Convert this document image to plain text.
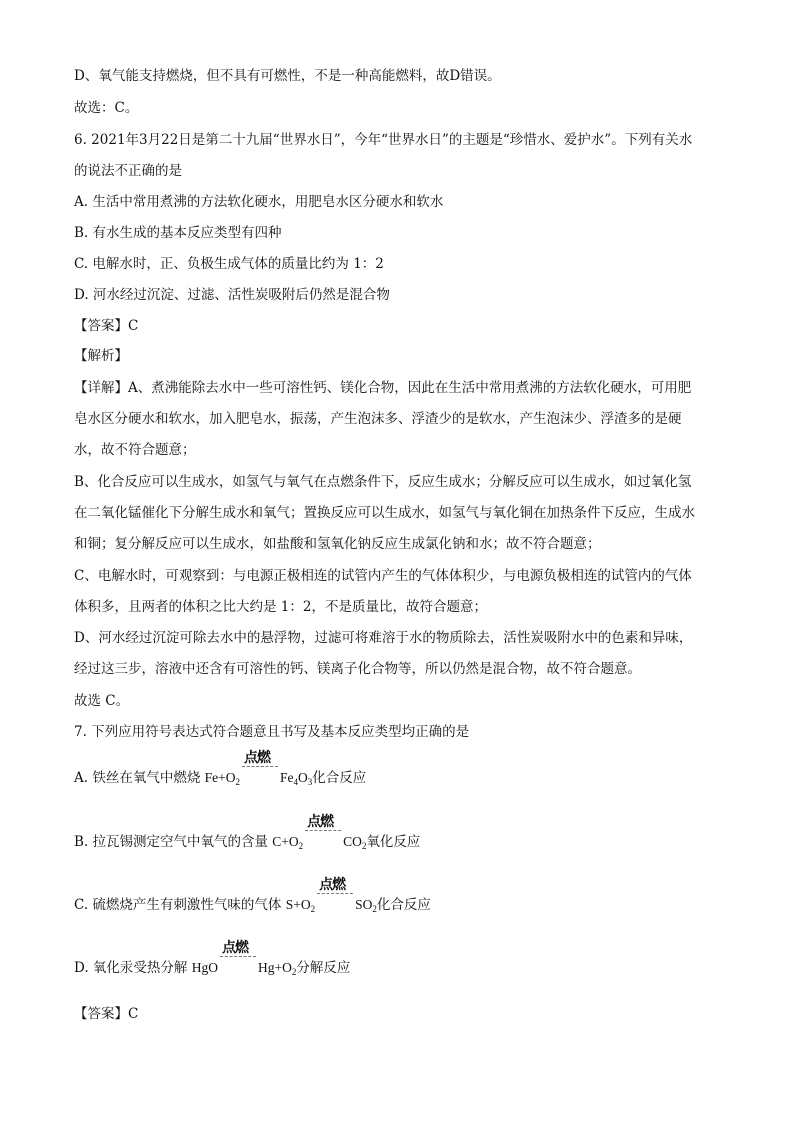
D、氧气能支持燃烧，但不具有可燃性，不是一种高能燃料，故D错误。
故选：C。
6. 2021年3月22日是第二十九届“世界水日”，今年“世界水日”的主题是“珍惜水、爱护水”。下列有关水
的说法不正确的是
A. 生活中常用煮沸的方法软化硬水，用肥皂水区分硬水和软水
B. 有水生成的基本反应类型有四种
C. 电解水时，正、负极生成气体的质量比约为 1：2
D. 河水经过沉淀、过滤、活性炭吸附后仍然是混合物
【答案】C
【解析】
【详解】A、煮沸能除去水中一些可溶性钙、镁化合物，因此在生活中常用煮沸的方法软化硬水，可用肥
皂水区分硬水和软水，加入肥皂水，振荡，产生泡沫多、浮渣少的是软水，产生泡沫少、浮渣多的是硬
水，故不符合题意；
B、化合反应可以生成水，如氢气与氧气在点燃条件下，反应生成水；分解反应可以生成水，如过氧化氢
在二氧化锰催化下分解生成水和氧气；置换反应可以生成水，如氢气与氧化铜在加热条件下反应，生成水
和铜；复分解反应可以生成水，如盐酸和氢氧化钠反应生成氯化钠和水；故不符合题意；
C、电解水时，可观察到：与电源正极相连的试管内产生的气体体积少，与电源负极相连的试管内的气体
体积多，且两者的体积之比大约是 1：2，不是质量比，故符合题意；
D、河水经过沉淀可除去水中的悬浮物，过滤可将难溶于水的物质除去，活性炭吸附水中的色素和异味，
经过这三步，溶液中还含有可溶性的钙、镁离子化合物等，所以仍然是混合物，故不符合题意。
故选 C。
7. 下列应用符号表达式符合题意且书写及基本反应类型均正确的是
A. 铁丝在氧气中燃烧 $Fe+O_2$
点燃
$Fe_4O_3$化合反应
B. 拉瓦锡测定空气中氧气的含量 $C+O_2$
点燃
$CO_2$氧化反应
C. 硫燃烧产生有刺激性气味的气体 $S+O_2$
点燃
$SO_2$化合反应
D. 氧化汞受热分解 HgO
点燃
$Hg+O_2$分解反应
【答案】C
